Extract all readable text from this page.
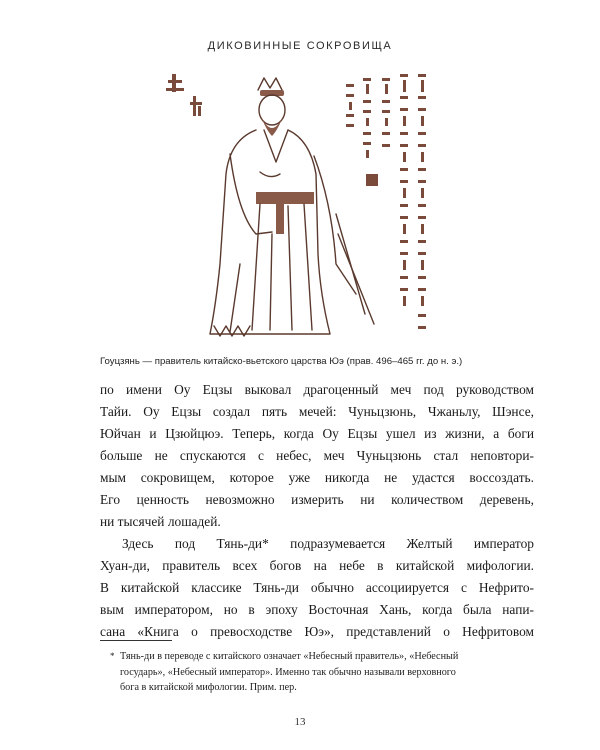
ДИКОВИННЫЕ СОКРОВИЩА
Гоуцзянь — правитель китайско-вьетского царства Юэ (прав. 496–465 гг. до н. э.)

по имени Оу Ецзы выковал драгоценный меч под руководством
Тайи. Оу Ецзы создал пять мечей: Чуньцзюнь, Чжаньлу, Шэнсе,
Юйчан и Цзюйцюэ. Теперь, когда Оу Ецзы ушел из жизни, а боги
больше не спускаются с небес, меч Чуньцзюнь стал неповтори-
мым сокровищем, которое уже никогда не удастся воссоздать.
Его ценность невозможно измерить ни количеством деревень,
ни тысячей лошадей.

Здесь под Тянь-ди* подразумевается Желтый император
Хуан-ди, правитель всех богов на небе в китайской мифологии.
В китайской классике Тянь-ди обычно ассоциируется с Нефрито-
вым императором, но в эпоху Восточная Хань, когда была напи-
сана «Книга о превосходстве Юэ», представлений о Нефритовом

* Тянь-ди в переводе с китайского означает «Небесный правитель», «Небесный
государь», «Небесный император». Именно так обычно называли верховного
бога в китайской мифологии. Прим. пер.
13
